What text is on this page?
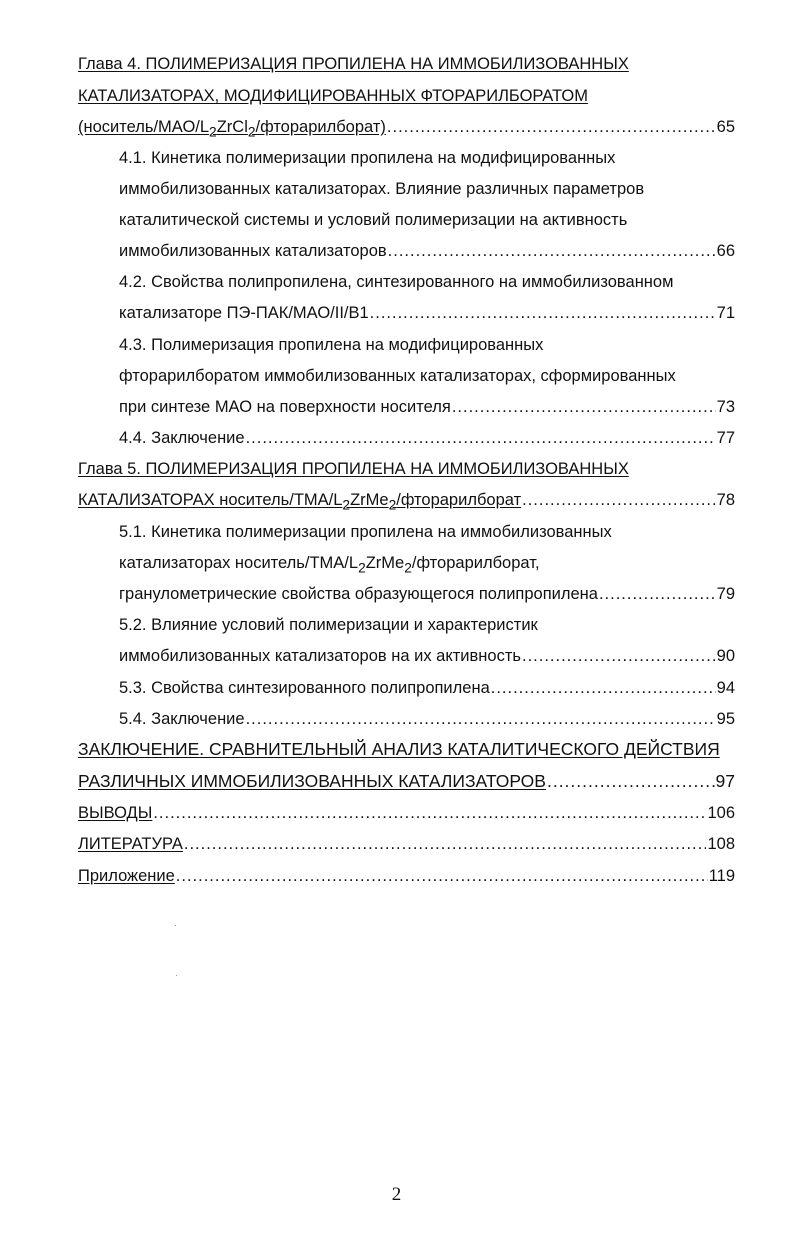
Глава 4. ПОЛИМЕРИЗАЦИЯ ПРОПИЛЕНА НА ИММОБИЛИЗОВАННЫХ
КАТАЛИЗАТОРАХ, МОДИФИЦИРОВАННЫХ ФТОРАРИЛБОРАТОМ
$(носитель/МАО/L_2ZrCl_2/фторарилборат)$ .....	65
4.1. Кинетика полимеризации пропилена на модифицированных
иммобилизованных катализаторах. Влияние различных параметров
каталитической системы и условий полимеризации на активность
иммобилизованных катализаторов .....	66
4.2. Свойства полипропилена, синтезированного на иммобилизованном
катализаторе ПЭ-ПАК/МАО/II/B1 .....	71
4.3. Полимеризация пропилена на модифицированных
фторарилборатом иммобилизованных катализаторах, сформированных
при синтезе МАО на поверхности носителя .....	73
4.4. Заключение .....	77
Глава 5. ПОЛИМЕРИЗАЦИЯ ПРОПИЛЕНА НА ИММОБИЛИЗОВАННЫХ
КАТАЛИЗАТОРАХ носитель/$ТМА/L_2ZrMe_2$/фторарилборат .....	78
5.1. Кинетика полимеризации пропилена на иммобилизованных
катализаторах носитель/$ТМА/L_2ZrMe_2$/фторарилборат,
гранулометрические свойства образующегося полипропилена .....	79
5.2. Влияние условий полимеризации и характеристик
иммобилизованных катализаторов на их активность .....	90
5.3. Свойства синтезированного полипропилена .....	94
5.4. Заключение .....	95
ЗАКЛЮЧЕНИЕ. СРАВНИТЕЛЬНЫЙ АНАЛИЗ КАТАЛИТИЧЕСКОГО ДЕЙСТВИЯ
РАЗЛИЧНЫХ ИММОБИЛИЗОВАННЫХ КАТАЛИЗАТОРОВ .....	97
ВЫВОДЫ .....	106
ЛИТЕРАТУРА .....	108
Приложение .....	119
2
